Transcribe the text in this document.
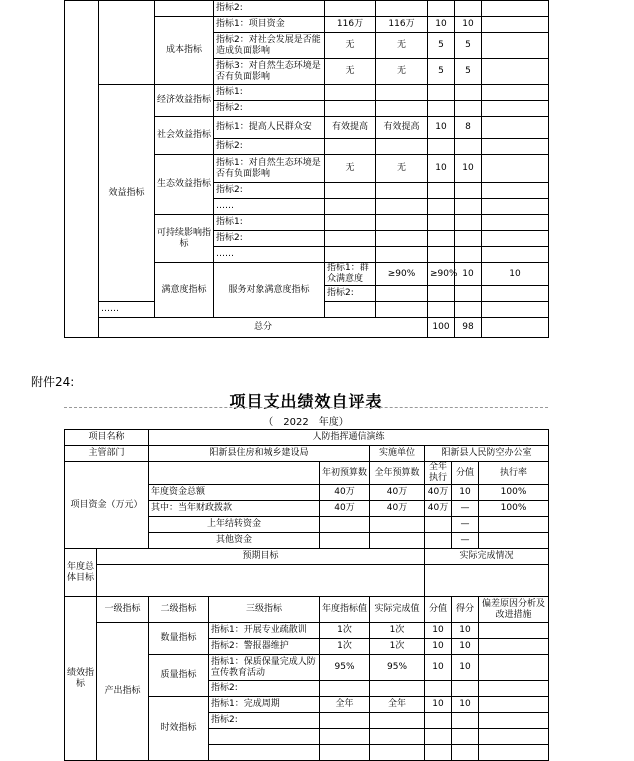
			指标2:						
		成本指标	指标1：项目资金	116万	116万	10	10		
			指标2：对社会发展是否能造成负面影响	无	无	5	5		
			指标3：对自然生态环境是否有负面影响	无	无	5	5		
	效益指标	经济效益指标	指标1:						
			指标2:						
		社会效益指标	指标1：提高人民群众安	有效提高	有效提高	10	8		
			指标2:						
		生态效益指标	指标1：对自然生态环境是否有负面影响	无	无	10	10		
			指标2:						
			……						
		可持续影响指标	指标1:						
			指标2:						
			……						
		满意度指标	服务对象满意度指标	指标1：群众满意度	≥90%	≥90%	10	10	
				指标2:					
	……								
	总分					100	98		
附件24:
项目支出绩效自评表
（　2022　年度）
项目名称		人防指挥通信演练						
主管部门		阳新县住房和城乡建设局			实施单位	阳新县人民防空办公室		
项目资金（万元）				年初预算数	全年预算数	全年执行	分值	执行率
		年度资金总额		40万	40万	40万	10	100%
		其中：当年财政拨款		40万	40万	40万	—	100%
		上年结转资金					—	
		其他资金					—	
年度总体目标	预期目标					实际完成情况		

绩效指标	一级指标	二级指标	三级指标	年度指标值	实际完成值	分值	得分	偏差原因分析及改进措施
	产出指标	数量指标	指标1：开展专业疏散训	1次	1次	10	10	
			指标2：警报器维护	1次	1次	10	10	
		质量指标	指标1：保质保量完成人防宣传教育活动	95%	95%	10	10	
			指标2:					
		时效指标	指标1：完成周期	全年	全年	10	10	
			指标2:					
